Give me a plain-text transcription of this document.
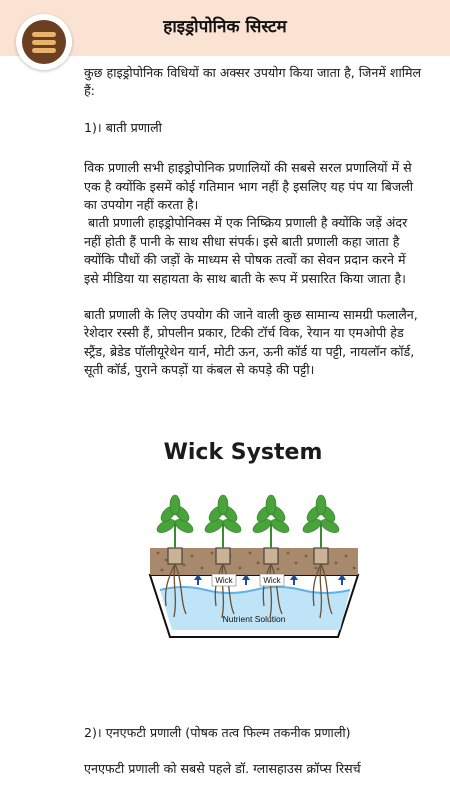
हाइड्रोपोनिक सिस्टम

कुछ हाइड्रोपोनिक विधियों का अक्सर उपयोग किया जाता है, जिनमें शामिल हैं:

1)। बाती प्रणाली

विक प्रणाली सभी हाइड्रोपोनिक प्रणालियों की सबसे सरल प्रणालियों में से एक है क्योंकि इसमें कोई गतिमान भाग नहीं है इसलिए यह पंप या बिजली का उपयोग नहीं करता है।

बाती प्रणाली हाइड्रोपोनिक्स में एक निष्क्रिय प्रणाली है क्योंकि जड़ें अंदर नहीं होती हैं पानी के साथ सीधा संपर्क। इसे बाती प्रणाली कहा जाता है क्योंकि पौधों की जड़ों के माध्यम से पोषक तत्वों का सेवन प्रदान करने में इसे मीडिया या सहायता के साथ बाती के रूप में प्रसारित किया जाता है।

बाती प्रणाली के लिए उपयोग की जाने वाली कुछ सामान्य सामग्री फलालैन, रेशेदार रस्सी हैं, प्रोपलीन प्रकार, टिकी टॉर्च विक, रेयान या एमओपी हेड स्ट्रैंड, ब्रेडेड पॉलीयूरेथेन यार्न, मोटी ऊन, ऊनी कॉर्ड या पट्टी, नायलॉन कॉर्ड, सूती कॉर्ड, पुराने कपड़ों या कंबल से कपड़े की पट्टी।

Wick System
Wick	Wick
Nutrient Solution

2)। एनएफटी प्रणाली (पोषक तत्व फिल्म तकनीक प्रणाली)

एनएफटी प्रणाली को सबसे पहले डॉ. ग्लासहाउस क्रॉप्स रिसर्च
